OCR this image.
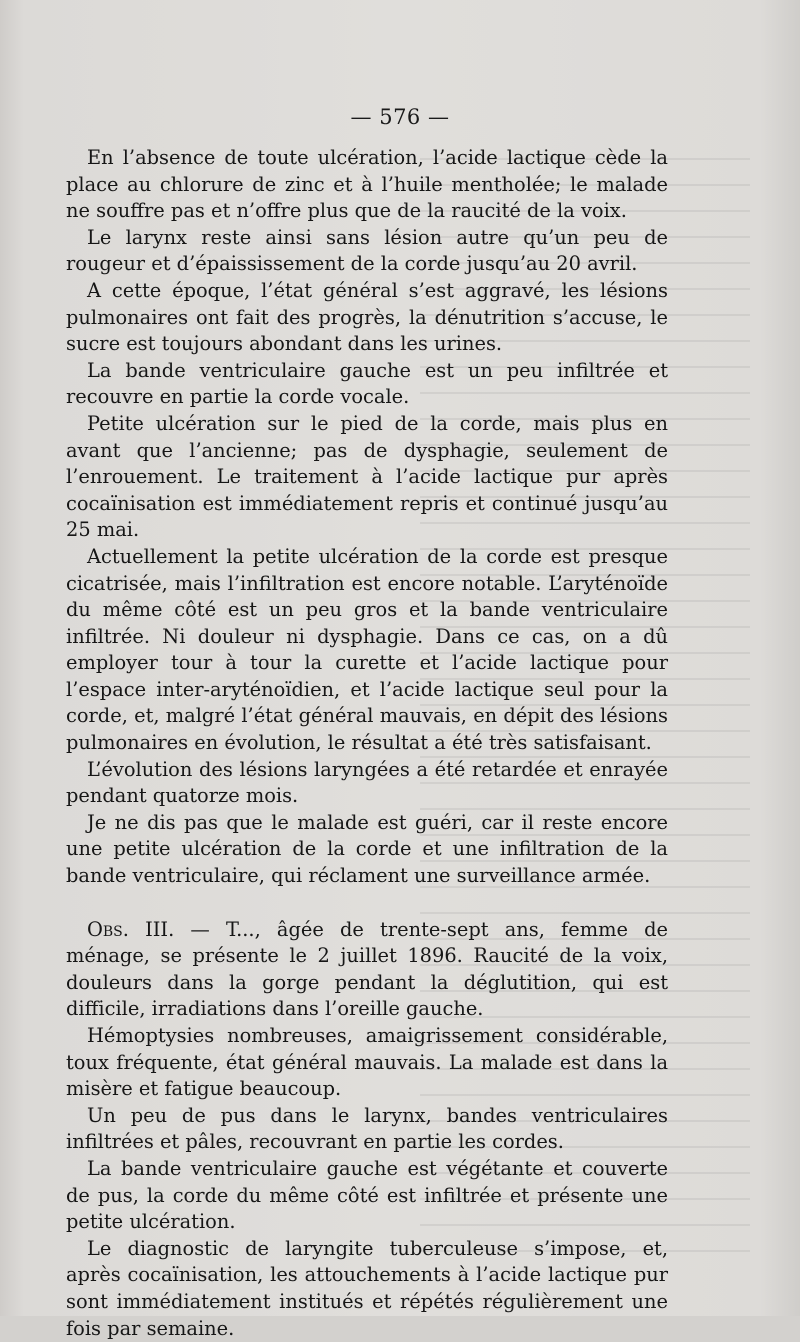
— 576 —

En l’absence de toute ulcération, l’acide lactique cède la place au chlorure de zinc et à l’huile mentholée; le malade ne souffre pas et n’offre plus que de la raucité de la voix.

Le larynx reste ainsi sans lésion autre qu’un peu de rougeur et d’épaississement de la corde jusqu’au 20 avril.

A cette époque, l’état général s’est aggravé, les lésions pulmonaires ont fait des progrès, la dénutrition s’accuse, le sucre est toujours abondant dans les urines.

La bande ventriculaire gauche est un peu infiltrée et recouvre en partie la corde vocale.

Petite ulcération sur le pied de la corde, mais plus en avant que l’ancienne; pas de dysphagie, seulement de l’enrouement. Le traitement à l’acide lactique pur après cocaïnisation est immédiatement repris et continué jusqu’au 25 mai.

Actuellement la petite ulcération de la corde est presque cicatrisée, mais l’infiltration est encore notable. L’aryténoïde du même côté est un peu gros et la bande ventriculaire infiltrée. Ni douleur ni dysphagie. Dans ce cas, on a dû employer tour à tour la curette et l’acide lactique pour l’espace inter-aryténoïdien, et l’acide lactique seul pour la corde, et, malgré l’état général mauvais, en dépit des lésions pulmonaires en évolution, le résultat a été très satisfaisant.

L’évolution des lésions laryngées a été retardée et enrayée pendant quatorze mois.

Je ne dis pas que le malade est guéri, car il reste encore une petite ulcération de la corde et une infiltration de la bande ventriculaire, qui réclament une surveillance armée.

Obs. III. — T..., âgée de trente-sept ans, femme de ménage, se présente le 2 juillet 1896. Raucité de la voix, douleurs dans la gorge pendant la déglutition, qui est difficile, irradiations dans l’oreille gauche.

Hémoptysies nombreuses, amaigrissement considérable, toux fréquente, état général mauvais. La malade est dans la misère et fatigue beaucoup.

Un peu de pus dans le larynx, bandes ventriculaires infiltrées et pâles, recouvrant en partie les cordes.

La bande ventriculaire gauche est végétante et couverte de pus, la corde du même côté est infiltrée et présente une petite ulcération.

Le diagnostic de laryngite tuberculeuse s’impose, et, après cocaïnisation, les attouchements à l’acide lactique pur sont immédiatement institués et répétés régulièrement une fois par semaine.
